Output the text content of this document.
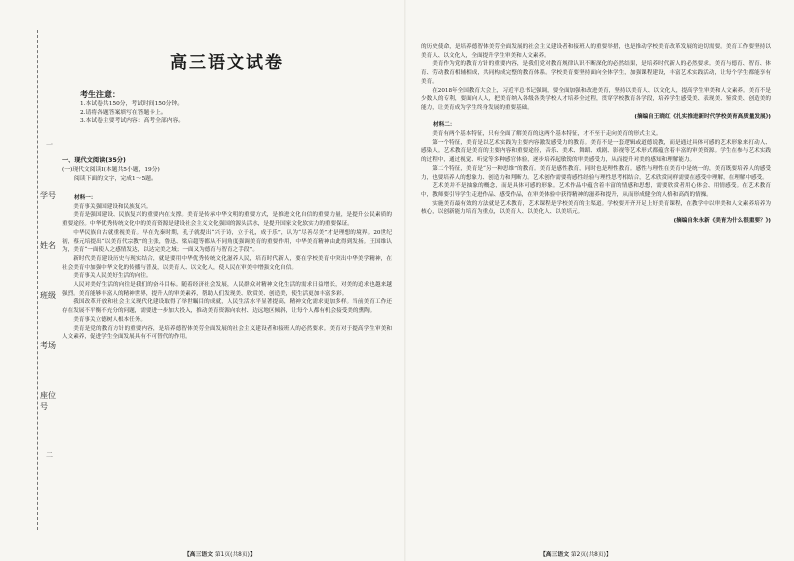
一
学号
姓名
班级
考场
座位号
二
高三语文试卷
考生注意：
1.本试卷共150分，考试时间150分钟。
2.请将各题答案填写在答题卡上。
3.本试卷主要考试内容：高考全部内容。
一、现代文阅读(35分)
(一)现代文阅读Ⅰ(本题共5小题，19分)
阅读下面的文字，完成1～5题。

材料一：

美育事关强国建设和民族复兴。

美育是强国建设、民族复兴的重要内在支撑。美育是传承中华文明的重要方式，是推进文化自信的重要力量，是提升公民素质的重要途径。中华优秀传统文化中的美育资源是建设社会主义文化强国的源头活水，是提升国家文化软实力的重要保证。

中华民族自古就重视美育。早在先秦时期，孔子就提出“兴于诗，立于礼，成于乐”，认为“尽善尽美”才是理想的境界。20世纪初，蔡元培提出“以美育代宗教”的主张，鲁迅、梁启超等都从不同角度强调美育的重要作用，中华美育精神由此得到发扬。王国维认为，美育“一面使人之感情发达，以达完美之域；一面又为德育与智育之手段”。

新时代美育建设历史与现实结合，就是要用中华优秀传统文化滋养人民，培育时代新人，要在学校美育中突出中华美学精神，在社会美育中加强中华文化的传播与普及，以美育人、以文化人，使人民在审美中增强文化自信。

美育事关人民美好生活的向往。

人民对美好生活的向往是我们的奋斗目标。随着经济社会发展，人民群众对精神文化生活的需求日益增长，对美的追求也越来越强烈。美育能够丰富人的精神世界，提升人的审美素养，帮助人们发现美、欣赏美、创造美，使生活更加丰富多彩。

我国改革开放和社会主义现代化建设取得了举世瞩目的成就，人民生活水平显著提高，精神文化需求更加多样。当前美育工作还存在发展不平衡不充分的问题，需要进一步加大投入，推动美育资源向农村、边远地区倾斜，让每个人都有机会接受美的熏陶。

美育事关立德树人根本任务。

美育是党的教育方针的重要内容，是培养德智体美劳全面发展的社会主义建设者和接班人的必然要求。美育对于提高学生审美和人文素养，促进学生全面发展具有不可替代的作用。

的历史使命，是培养德智体美劳全面发展的社会主义建设者和接班人的重要举措，也是推动学校美育改革发展的迫切需要。美育工作要坚持以美育人、以文化人，全面提升学生审美和人文素养。

美育作为党的教育方针的重要内容，是我们党对教育规律认识不断深化的必然结果，是培养时代新人的必然要求。美育与德育、智育、体育、劳动教育相辅相成，共同构成完整的教育体系。学校美育要坚持面向全体学生，加强课程建设，丰富艺术实践活动，让每个学生都能享有美育。

在2018年全国教育大会上，习近平总书记强调，要全面加强和改进美育，坚持以美育人、以文化人，提高学生审美和人文素养。美育不是少数人的专利，要面向人人，把美育纳入各级各类学校人才培养全过程，贯穿学校教育各学段，培养学生感受美、表现美、鉴赏美、创造美的能力，让美育成为学生终身发展的重要基础。

(摘编自王晓红《扎实推进新时代学校美育高质量发展》)

材料二：

美育有两个基本特征，只有全面了解美育的这两个基本特征，才不至于走向美育的形式主义。

第一个特征，美育是以艺术实践为主要内容激发感受力的教育。美育不是一套逻辑或道德说教，而是通过具体可感的艺术形象来打动人、感染人。艺术教育是美育的主要内容和重要途径，音乐、美术、舞蹈、戏剧、影视等艺术形式都蕴含着丰富的审美资源。学生在参与艺术实践的过程中，通过视觉、听觉等多种感官体验，逐步培养起敏锐的审美感受力，从而提升对美的感知和理解能力。

第二个特征，美育是“另一种思维”的教育。美育是感性教育，同时也是理性教育。感性与理性在美育中是统一的，美育既要培养人的感受力，也要培养人的想象力、创造力和判断力。艺术创作需要将感性经验与理性思考相结合，艺术欣赏同样需要在感受中理解，在理解中感受。

艺术美并不是抽象的概念，而是具体可感的形象。艺术作品中蕴含着丰富的情感和思想，需要欣赏者用心体会、用情感受。在艺术教育中，教师要引导学生走进作品、感受作品，在审美体验中获得精神的滋养和提升，从而形成健全的人格和高尚的情操。

实施美育最有效的方法就是艺术教育，艺术课程是学校美育的主渠道。学校要开齐开足上好美育课程，在教学中以审美和人文素养培养为核心，以创新能力培育为重点，以美育人、以美化人、以美培元。

(摘编自朱永新《美育为什么很重要？》)

【高三语文 第1页(共8页)】	【高三语文 第2页(共8页)】
